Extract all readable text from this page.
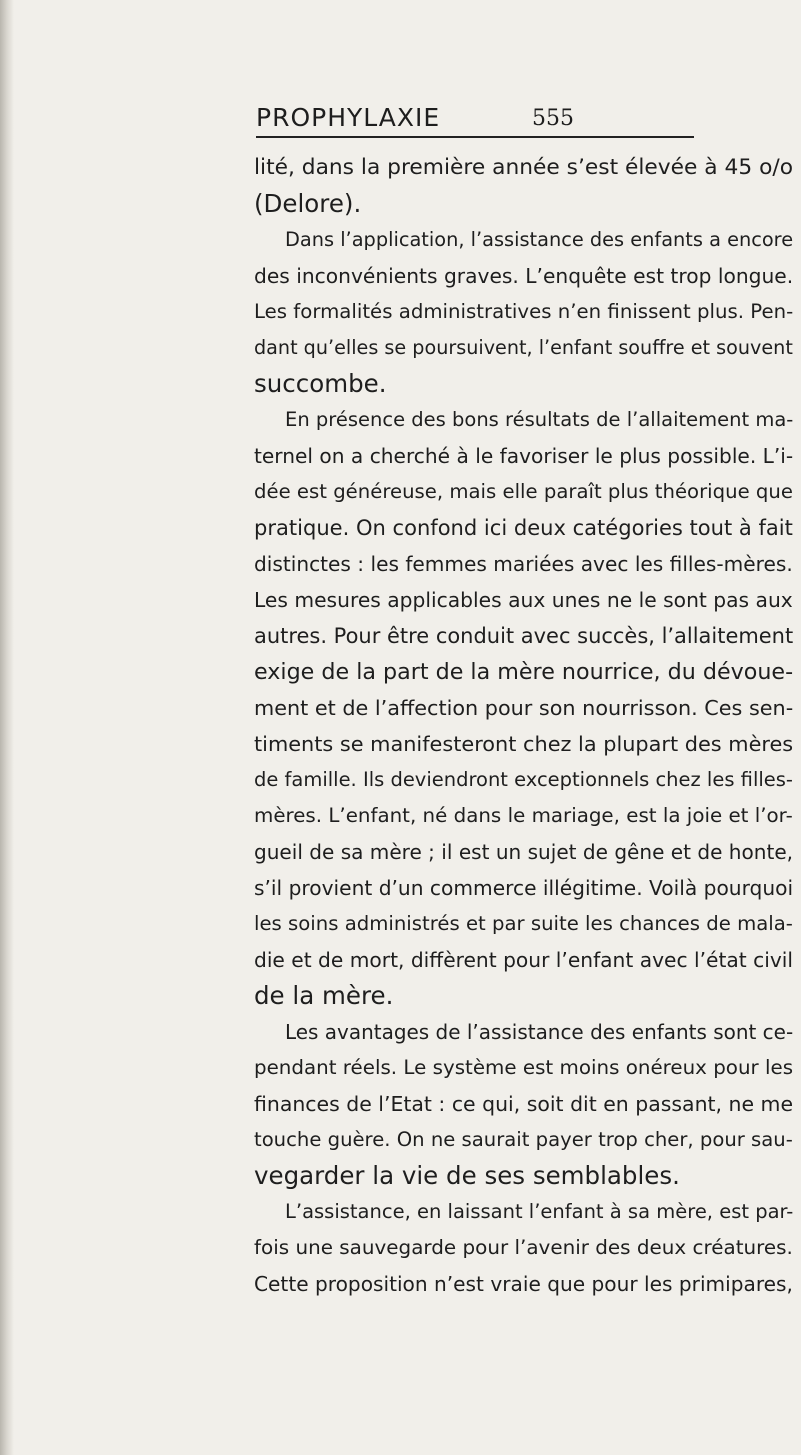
PROPHYLAXIE	555
lité, dans la première année s’est élevée à 45 o/o
(Delore).
Dans l’application, l’assistance des enfants a encore
des inconvénients graves. L’enquête est trop longue.
Les formalités administratives n’en finissent plus. Pen-
dant qu’elles se poursuivent, l’enfant souffre et souvent
succombe.
En présence des bons résultats de l’allaitement ma-
ternel on a cherché à le favoriser le plus possible. L’i-
dée est généreuse, mais elle paraît plus théorique que
pratique. On confond ici deux catégories tout à fait
distinctes : les femmes mariées avec les filles-mères.
Les mesures applicables aux unes ne le sont pas aux
autres. Pour être conduit avec succès, l’allaitement
exige de la part de la mère nourrice, du dévoue-
ment et de l’affection pour son nourrisson. Ces sen-
timents se manifesteront chez la plupart des mères
de famille. Ils deviendront exceptionnels chez les filles-
mères. L’enfant, né dans le mariage, est la joie et l’or-
gueil de sa mère ; il est un sujet de gêne et de honte,
s’il provient d’un commerce illégitime. Voilà pourquoi
les soins administrés et par suite les chances de mala-
die et de mort, diffèrent pour l’enfant avec l’état civil
de la mère.
Les avantages de l’assistance des enfants sont ce-
pendant réels. Le système est moins onéreux pour les
finances de l’Etat : ce qui, soit dit en passant, ne me
touche guère. On ne saurait payer trop cher, pour sau-
vegarder la vie de ses semblables.
L’assistance, en laissant l’enfant à sa mère, est par-
fois une sauvegarde pour l’avenir des deux créatures.
Cette proposition n’est vraie que pour les primipares,
